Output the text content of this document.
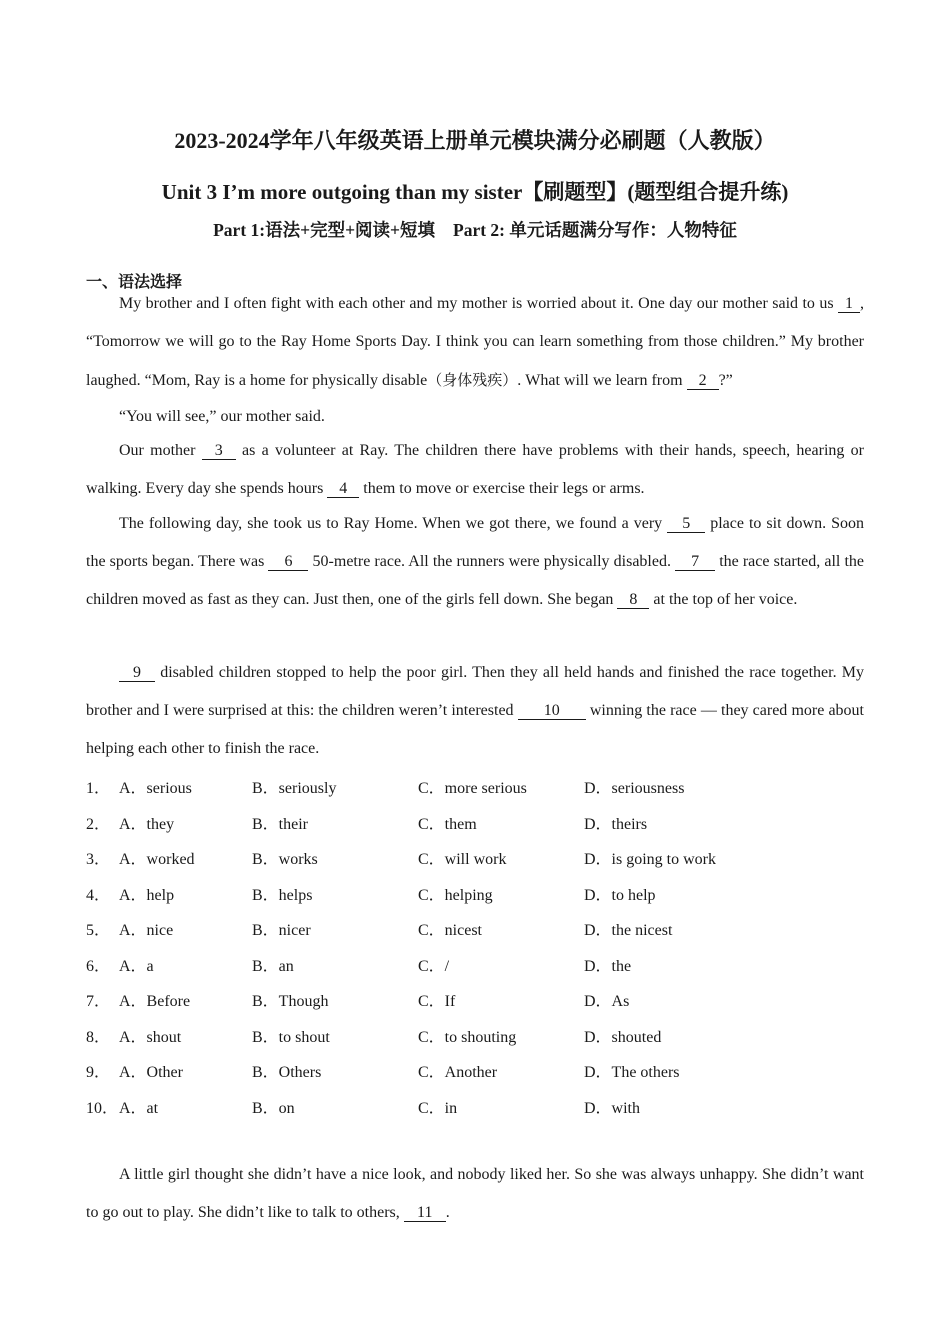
2023-2024学年八年级英语上册单元模块满分必刷题（人教版）
Unit 3 I’m more outgoing than my sister【刷题型】(题型组合提升练)
Part 1:语法+完型+阅读+短填 Part 2: 单元话题满分写作：人物特征
一、语法选择

My brother and I often fight with each other and my mother is worried about it. One day our mother said to us 1 , “Tomorrow we will go to the Ray Home Sports Day. I think you can learn something from those children.” My brother laughed. “Mom, Ray is a home for physically disable（身体残疾）. What will we learn from 2 ?”

“You will see,” our mother said.

Our mother 3 as a volunteer at Ray. The children there have problems with their hands, speech, hearing or walking. Every day she spends hours 4 them to move or exercise their legs or arms.

The following day, she took us to Ray Home. When we got there, we found a very 5 place to sit down. Soon the sports began. There was 6 50-metre race. All the runners were physically disabled. 7 the race started, all the children moved as fast as they can. Just then, one of the girls fell down. She began 8 at the top of her voice.

9 disabled children stopped to help the poor girl. Then they all held hands and finished the race together. My brother and I were surprised at this: the children weren’t interested 10 winning the race — they cared more about helping each other to finish the race.

1． A．serious	B．seriously	C．more serious	D．seriousness
2． A．they	B．their	C．them	D．theirs
3． A．worked	B．works	C．will work	D．is going to work
4． A．help	B．helps	C．helping	D．to help
5． A．nice	B．nicer	C．nicest	D．the nicest
6． A．a	B．an	C．/	D．the
7． A．Before	B．Though	C．If	D．As
8． A．shout	B．to shout	C．to shouting	D．shouted
9． A．Other	B．Others	C．Another	D．The others
10． A．at	B．on	C．in	D．with

A little girl thought she didn’t have a nice look, and nobody liked her. So she was always unhappy. She didn’t want to go out to play. She didn’t like to talk to others, 11 .
